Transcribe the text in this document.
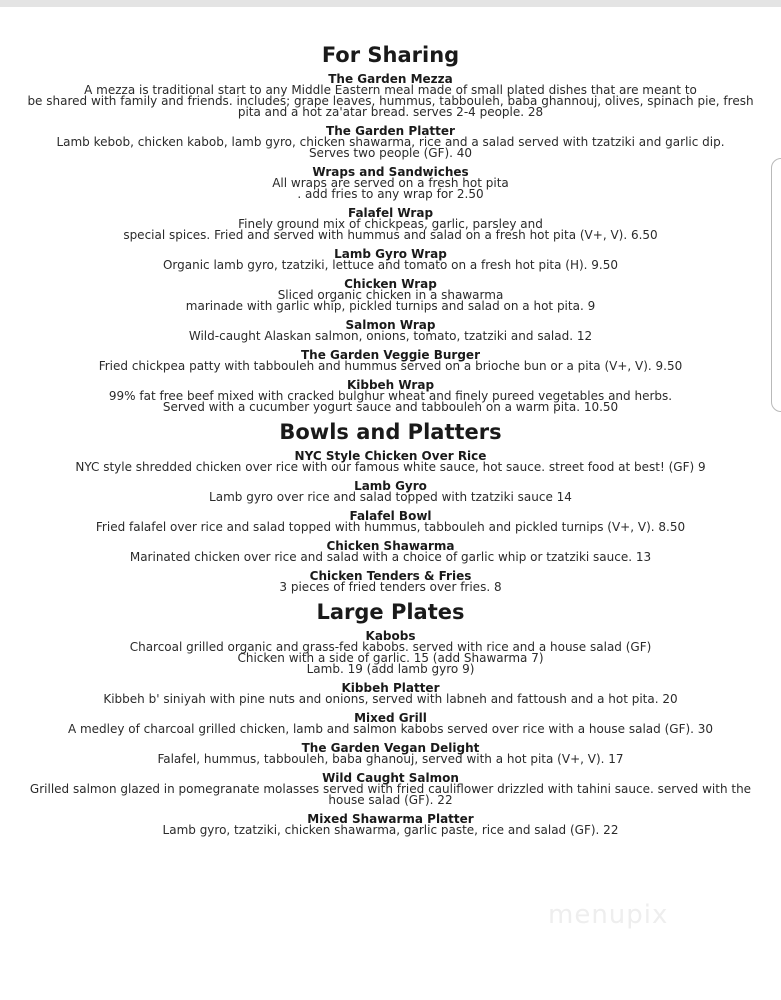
menupix
For Sharing
The Garden Mezza
A mezza is traditional start to any Middle Eastern meal made of small plated dishes that are meant to
be shared with family and friends. includes; grape leaves, hummus, tabbouleh, baba ghannouj, olives, spinach pie, fresh
pita and a hot za'atar bread. serves 2-4 people. 28
The Garden Platter
Lamb kebob, chicken kabob, lamb gyro, chicken shawarma, rice and a salad served with tzatziki and garlic dip.
Serves two people (GF). 40
Wraps and Sandwiches
All wraps are served on a fresh hot pita
. add fries to any wrap for 2.50
Falafel Wrap
Finely ground mix of chickpeas, garlic, parsley and
special spices. Fried and served with hummus and salad on a fresh hot pita (V+, V). 6.50
Lamb Gyro Wrap
Organic lamb gyro, tzatziki, lettuce and tomato on a fresh hot pita (H). 9.50
Chicken Wrap
Sliced organic chicken in a shawarma
marinade with garlic whip, pickled turnips and salad on a hot pita. 9
Salmon Wrap
Wild-caught Alaskan salmon, onions, tomato, tzatziki and salad. 12
The Garden Veggie Burger
Fried chickpea patty with tabbouleh and hummus served on a brioche bun or a pita (V+, V). 9.50
Kibbeh Wrap
99% fat free beef mixed with cracked bulghur wheat and finely pureed vegetables and herbs.
Served with a cucumber yogurt sauce and tabbouleh on a warm pita. 10.50
Bowls and Platters
NYC Style Chicken Over Rice
NYC style shredded chicken over rice with our famous white sauce, hot sauce. street food at best! (GF) 9
Lamb Gyro
Lamb gyro over rice and salad topped with tzatziki sauce 14
Falafel Bowl
Fried falafel over rice and salad topped with hummus, tabbouleh and pickled turnips (V+, V). 8.50
Chicken Shawarma
Marinated chicken over rice and salad with a choice of garlic whip or tzatziki sauce. 13
Chicken Tenders & Fries
3 pieces of fried tenders over fries. 8
Large Plates
Kabobs
Charcoal grilled organic and grass-fed kabobs. served with rice and a house salad (GF)
Chicken with a side of garlic. 15 (add Shawarma 7)
Lamb. 19 (add lamb gyro 9)
Kibbeh Platter
Kibbeh b' siniyah with pine nuts and onions, served with labneh and fattoush and a hot pita. 20
Mixed Grill
A medley of charcoal grilled chicken, lamb and salmon kabobs served over rice with a house salad (GF). 30
The Garden Vegan Delight
Falafel, hummus, tabbouleh, baba ghanouj, served with a hot pita (V+, V). 17
Wild Caught Salmon
Grilled salmon glazed in pomegranate molasses served with fried cauliflower drizzled with tahini sauce. served with the
house salad (GF). 22
Mixed Shawarma Platter
Lamb gyro, tzatziki, chicken shawarma, garlic paste, rice and salad (GF). 22
